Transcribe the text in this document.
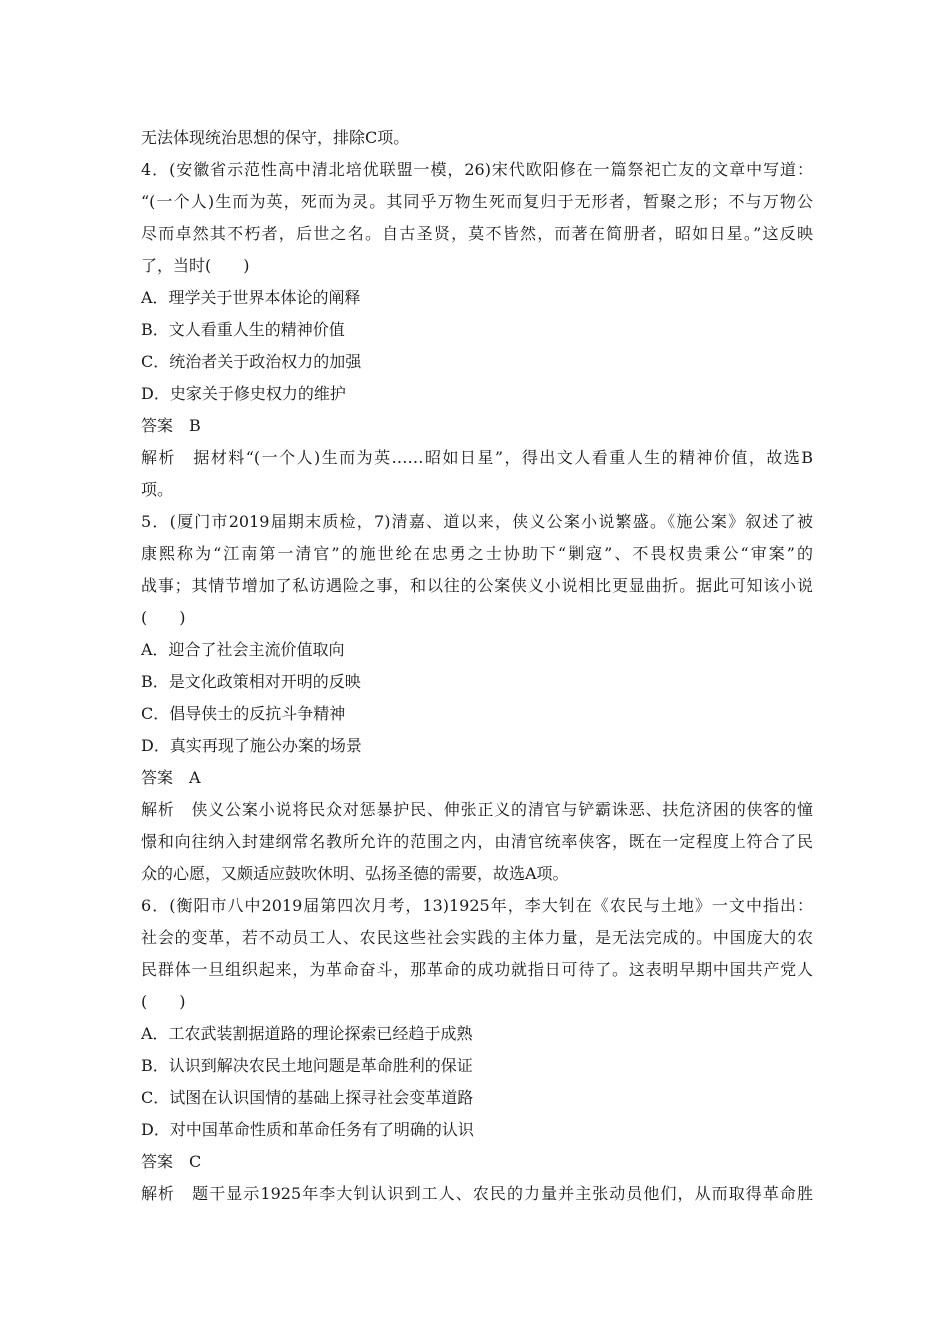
无法体现统治思想的保守，排除C项。
4．(安徽省示范性高中清北培优联盟一模，26)宋代欧阳修在一篇祭祀亡友的文章中写道：
“(一个人)生而为英，死而为灵。其同乎万物生死而复归于无形者，暂聚之形；不与万物公
尽而卓然其不朽者，后世之名。自古圣贤，莫不皆然，而著在简册者，昭如日星。”这反映
了，当时(　　)
A．理学关于世界本体论的阐释
B．文人看重人生的精神价值
C．统治者关于政治权力的加强
D．史家关于修史权力的维护
答案　B
解析　据材料“(一个人)生而为英……昭如日星”，得出文人看重人生的精神价值，故选B
项。
5．(厦门市2019届期末质检，7)清嘉、道以来，侠义公案小说繁盛。《施公案》叙述了被
康熙称为“江南第一清官”的施世纶在忠勇之士协助下“剿寇”、不畏权贵秉公“审案”的
战事；其情节增加了私访遇险之事，和以往的公案侠义小说相比更显曲折。据此可知该小说
(　　)
A．迎合了社会主流价值取向
B．是文化政策相对开明的反映
C．倡导侠士的反抗斗争精神
D．真实再现了施公办案的场景
答案　A
解析　侠义公案小说将民众对惩暴护民、伸张正义的清官与铲霸诛恶、扶危济困的侠客的憧
憬和向往纳入封建纲常名教所允许的范围之内，由清官统率侠客，既在一定程度上符合了民
众的心愿，又颇适应鼓吹休明、弘扬圣德的需要，故选A项。
6．(衡阳市八中2019届第四次月考，13)1925年，李大钊在《农民与土地》一文中指出：
社会的变革，若不动员工人、农民这些社会实践的主体力量，是无法完成的。中国庞大的农
民群体一旦组织起来，为革命奋斗，那革命的成功就指日可待了。这表明早期中国共产党人
(　　)
A．工农武装割据道路的理论探索已经趋于成熟
B．认识到解决农民土地问题是革命胜利的保证
C．试图在认识国情的基础上探寻社会变革道路
D．对中国革命性质和革命任务有了明确的认识
答案　C
解析　题干显示1925年李大钊认识到工人、农民的力量并主张动员他们，从而取得革命胜
